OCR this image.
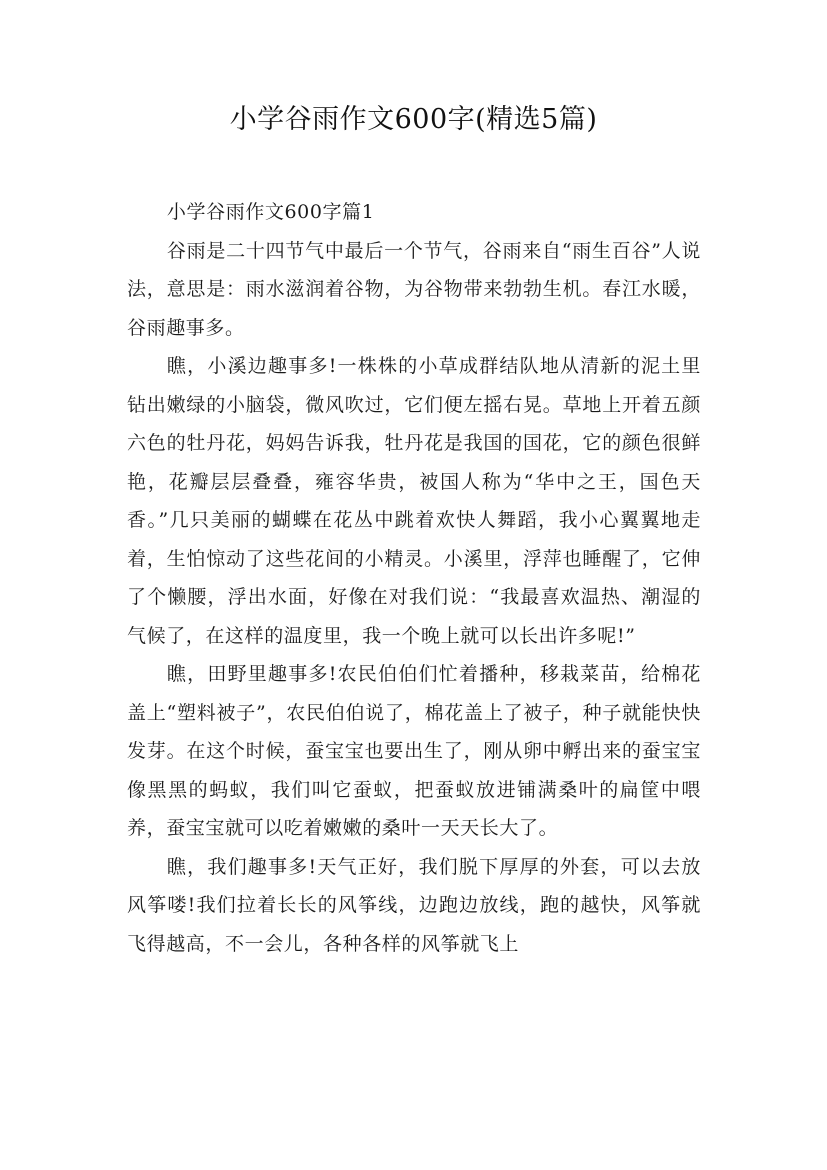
小学谷雨作文600字(精选5篇)

小学谷雨作文600字篇1

谷雨是二十四节气中最后一个节气，谷雨来自“雨生百谷”人说法，意思是：雨水滋润着谷物，为谷物带来勃勃生机。春江水暖，谷雨趣事多。

瞧，小溪边趣事多!一株株的小草成群结队地从清新的泥土里钻出嫩绿的小脑袋，微风吹过，它们便左摇右晃。草地上开着五颜六色的牡丹花，妈妈告诉我，牡丹花是我国的国花，它的颜色很鲜艳，花瓣层层叠叠，雍容华贵，被国人称为“华中之王，国色天香。”几只美丽的蝴蝶在花丛中跳着欢快人舞蹈，我小心翼翼地走着，生怕惊动了这些花间的小精灵。小溪里，浮萍也睡醒了，它伸了个懒腰，浮出水面，好像在对我们说：“我最喜欢温热、潮湿的气候了，在这样的温度里，我一个晚上就可以长出许多呢!”

瞧，田野里趣事多!农民伯伯们忙着播种，移栽菜苗，给棉花盖上“塑料被子”，农民伯伯说了，棉花盖上了被子，种子就能快快发芽。在这个时候，蚕宝宝也要出生了，刚从卵中孵出来的蚕宝宝像黑黑的蚂蚁，我们叫它蚕蚁，把蚕蚁放进铺满桑叶的扁筐中喂养，蚕宝宝就可以吃着嫩嫩的桑叶一天天长大了。

瞧，我们趣事多!天气正好，我们脱下厚厚的外套，可以去放风筝喽!我们拉着长长的风筝线，边跑边放线，跑的越快，风筝就飞得越高，不一会儿，各种各样的风筝就飞上
